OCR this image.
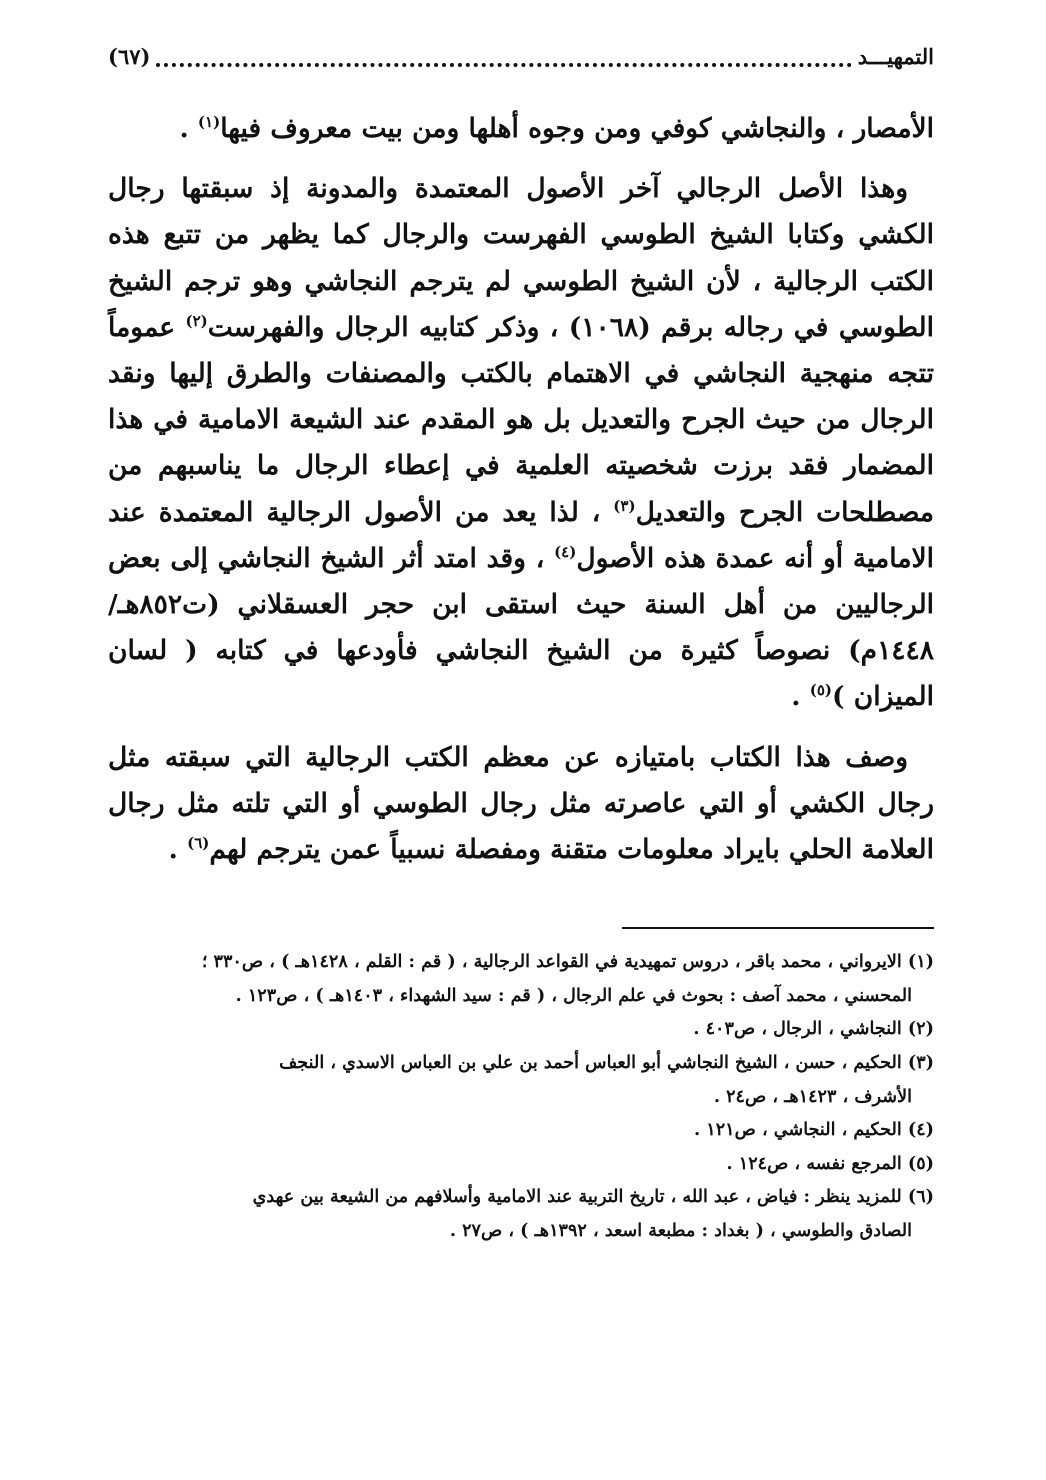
التمهيـــد
(٦٧)

الأمصار ، والنجاشي كوفي ومن وجوه أهلها ومن بيت معروف فيها$^{(١)}$ .

وهذا الأصل الرجالي آخر الأصول المعتمدة والمدونة إذ سبقتها رجال الكشي وكتابا الشيخ الطوسي الفهرست والرجال كما يظهر من تتبع هذه الكتب الرجالية ، لأن الشيخ الطوسي لم يترجم النجاشي وهو ترجم الشيخ الطوسي في رجاله برقم (١٠٦٨) ، وذكر كتابيه الرجال والفهرست$^{(٢)}$ عموماً تتجه منهجية النجاشي في الاهتمام بالكتب والمصنفات والطرق إليها ونقد الرجال من حيث الجرح والتعديل بل هو المقدم عند الشيعة الامامية في هذا المضمار فقد برزت شخصيته العلمية في إعطاء الرجال ما يناسبهم من مصطلحات الجرح والتعديل$^{(٣)}$ ، لذا يعد من الأصول الرجالية المعتمدة عند الامامية أو أنه عمدة هذه الأصول$^{(٤)}$ ، وقد امتد أثر الشيخ النجاشي إلى بعض الرجاليين من أهل السنة حيث استقى ابن حجر العسقلاني (ت٨٥٢هـ/١٤٤٨م) نصوصاً كثيرة من الشيخ النجاشي فأودعها في كتابه ( لسان الميزان )$^{(٥)}$ .

وصف هذا الكتاب بامتيازه عن معظم الكتب الرجالية التي سبقته مثل رجال الكشي أو التي عاصرته مثل رجال الطوسي أو التي تلته مثل رجال العلامة الحلي بايراد معلومات متقنة ومفصلة نسبياً عمن يترجم لهم$^{(٦)}$ .

(١) الايرواني ، محمد باقر ، دروس تمهيدية في القواعد الرجالية ، ( قم : القلم ، ١٤٢٨هـ ) ، ص٣٣٠ ؛
المحسني ، محمد آصف : بحوث في علم الرجال ، ( قم : سيد الشهداء ، ١٤٠٣هـ ) ، ص١٢٣ .
(٢) النجاشي ، الرجال ، ص٤٠٣ .
(٣) الحكيم ، حسن ، الشيخ النجاشي أبو العباس أحمد بن علي بن العباس الاسدي ، النجف
الأشرف ، ١٤٢٣هـ ، ص٢٤ .
(٤) الحكيم ، النجاشي ، ص١٢١ .
(٥) المرجع نفسه ، ص١٢٤ .
(٦) للمزيد ينظر : فياض ، عبد الله ، تاريخ التربية عند الامامية وأسلافهم من الشيعة بين عهدي
الصادق والطوسي ، ( بغداد : مطبعة اسعد ، ١٣٩٢هـ ) ، ص٢٧ .
